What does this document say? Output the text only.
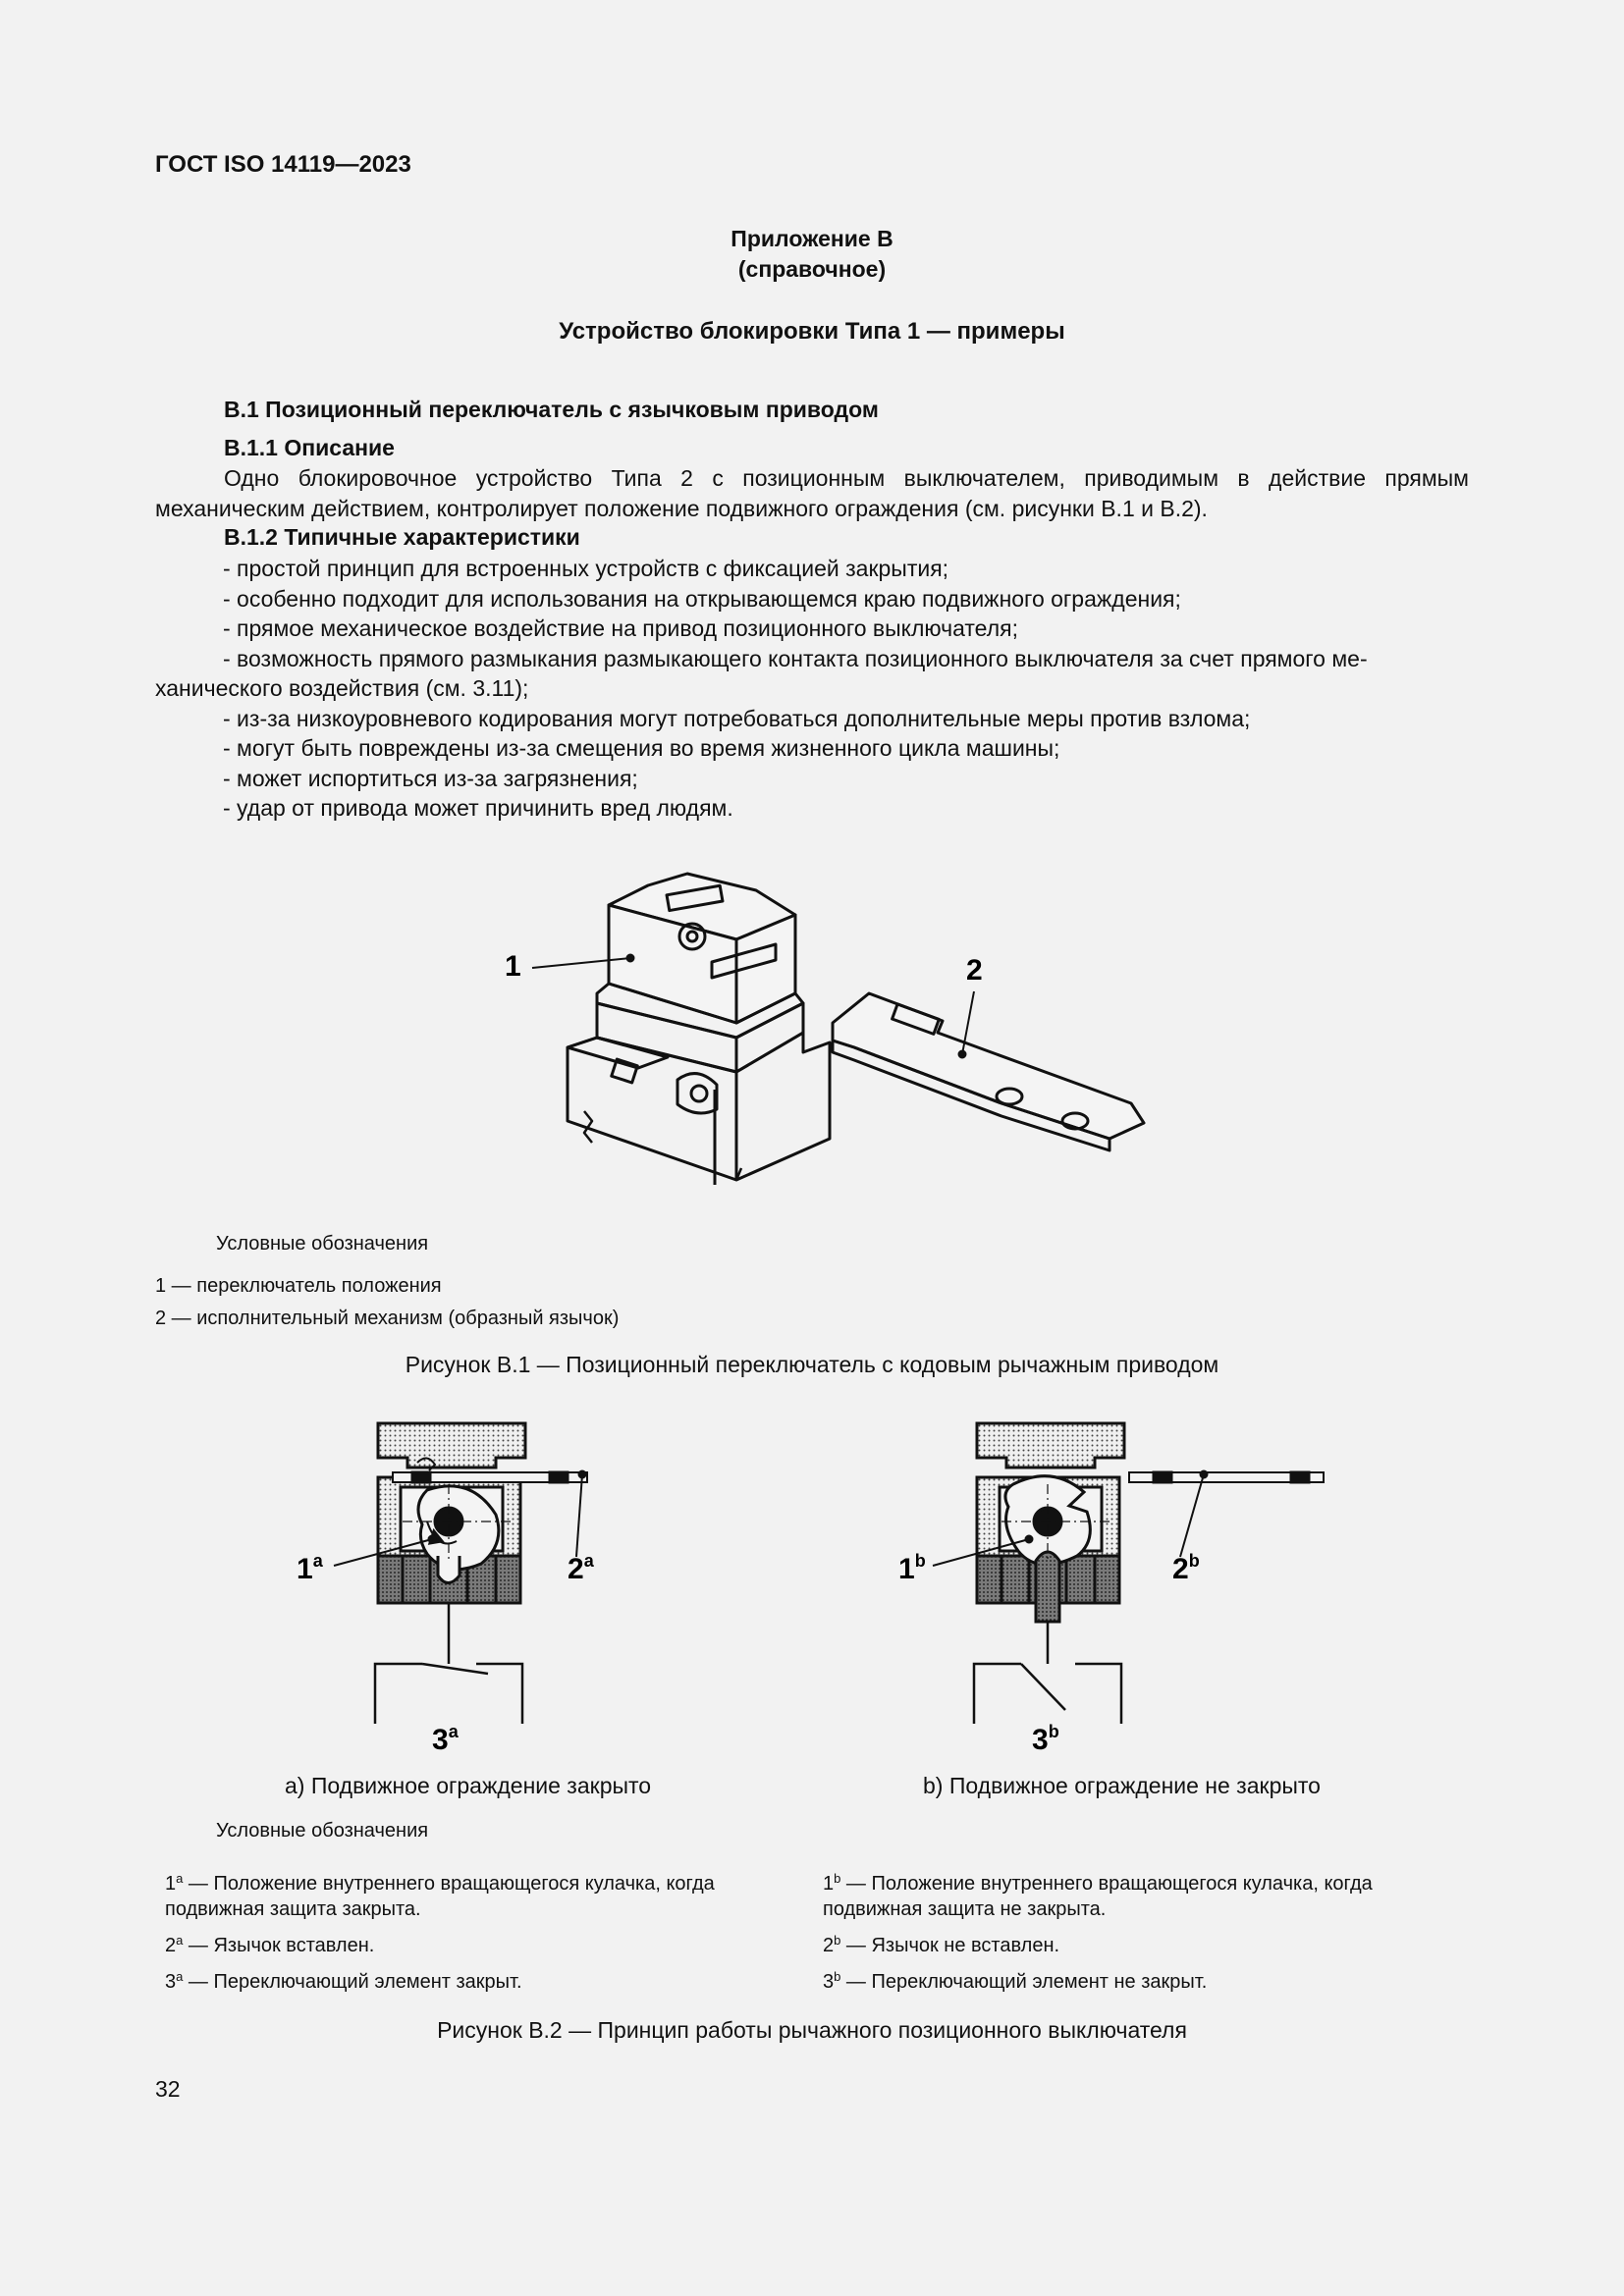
ГОСТ ISO 14119—2023
Приложение В
(справочное)
Устройство блокировки Типа 1 — примеры
В.1 Позиционный переключатель с язычковым приводом
В.1.1 Описание
Одно блокировочное устройство Типа 2 с позиционным выключателем, приводимым в действие прямым механическим действием, контролирует положение подвижного ограждения (см. рисунки В.1 и В.2).
В.1.2 Типичные характеристики
- простой принцип для встроенных устройств с фиксацией закрытия;
- особенно подходит для использования на открывающемся краю подвижного ограждения;
- прямое механическое воздействие на привод позиционного выключателя;
- возможность прямого размыкания размыкающего контакта позиционного выключателя за счет прямого ме-
ханического воздействия (см. 3.11);
- из-за низкоуровневого кодирования могут потребоваться дополнительные меры против взлома;
- могут быть повреждены из-за смещения во время жизненного цикла машины;
- может испортиться из-за загрязнения;
- удар от привода может причинить вред людям.
1	2
Условные обозначения
1 — переключатель положения
2 — исполнительный механизм (образный язычок)
Рисунок В.1 — Позиционный переключатель с кодовым рычажным приводом
1$^a$	2$^a$
3$^a$
1$^b$	2$^b$
3$^b$
а) Подвижное ограждение закрыто	b) Подвижное ограждение не закрыто
Условные обозначения
1$^a$ — Положение внутреннего вращающегося кулачка, когда подвижная защита закрыта.
2$^a$ — Язычок вставлен.
3$^a$ — Переключающий элемент закрыт.
1$^b$ — Положение внутреннего вращающегося кулачка, когда подвижная защита не закрыта.
2$^b$ — Язычок не вставлен.
3$^b$ — Переключающий элемент не закрыт.
Рисунок В.2 — Принцип работы рычажного позиционного выключателя
32
